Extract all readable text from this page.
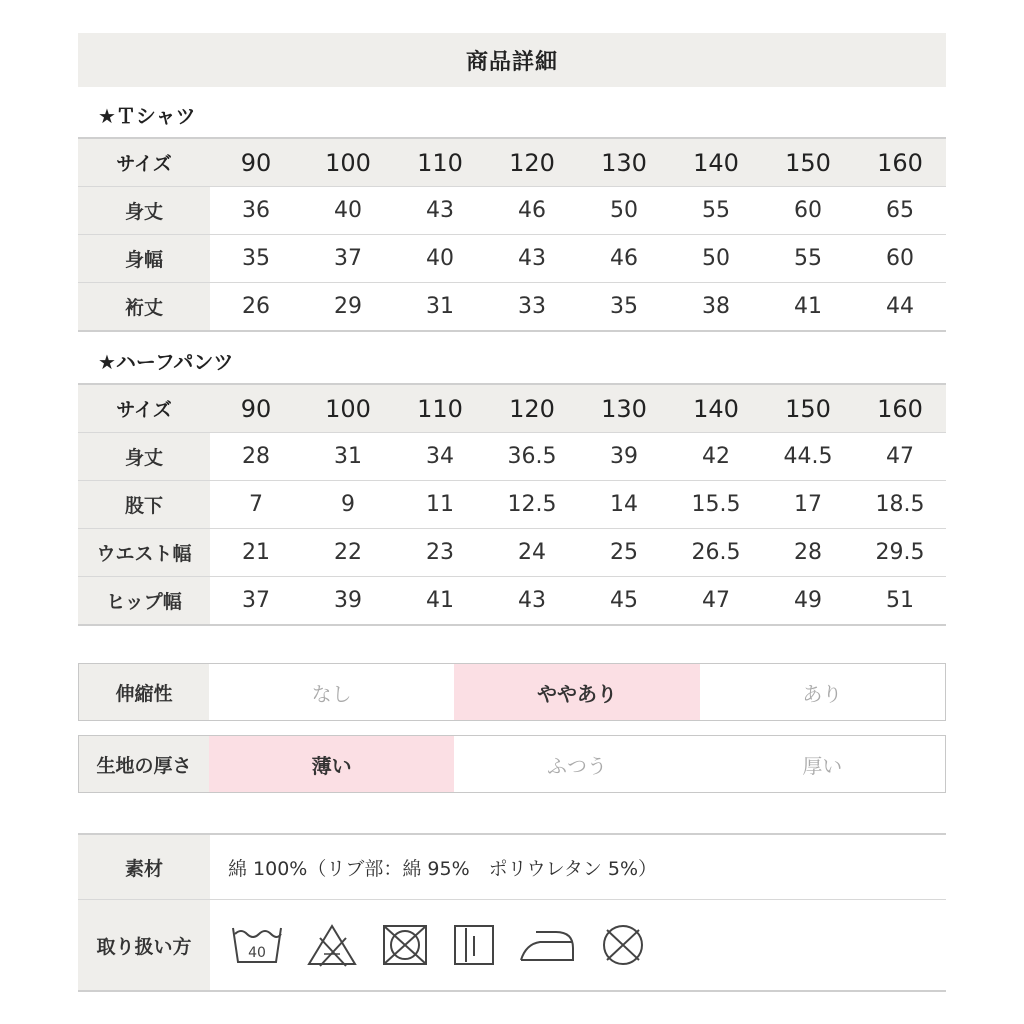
商品詳細
★Ｔシャツ
サイズ	90	100	110	120	130	140	150	160
身丈	36	40	43	46	50	55	60	65
身幅	35	37	40	43	46	50	55	60
裄丈	26	29	31	33	35	38	41	44
★ハーフパンツ
サイズ	90	100	110	120	130	140	150	160
身丈	28	31	34	36.5	39	42	44.5	47
股下	7	9	11	12.5	14	15.5	17	18.5
ウエスト幅	21	22	23	24	25	26.5	28	29.5
ヒップ幅	37	39	41	43	45	47	49	51
伸縮性	なし	ややあり	あり
生地の厚さ	薄い	ふつう	厚い
素材	綿 100%（リブ部：綿 95%　ポリウレタン 5%）
取り扱い方	40
